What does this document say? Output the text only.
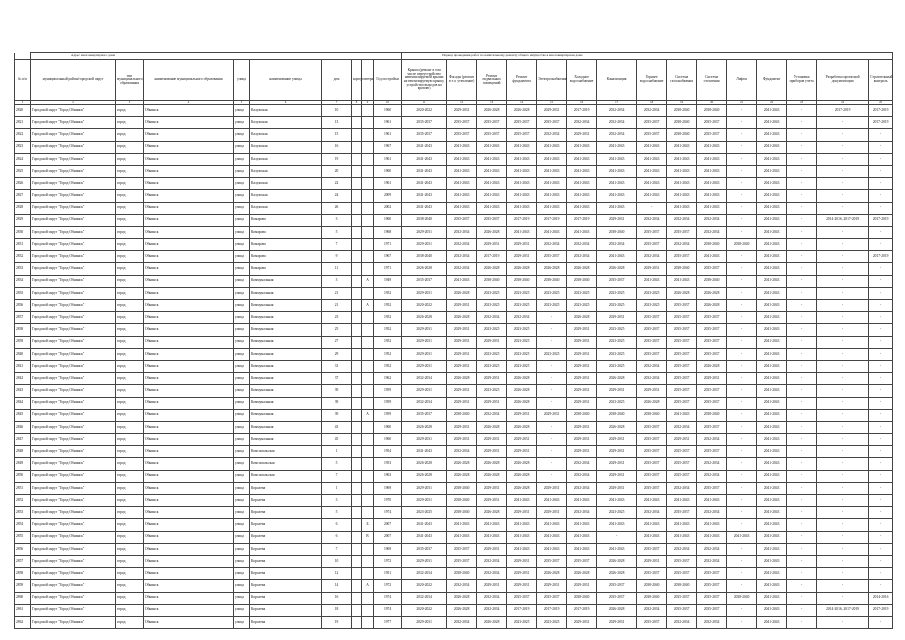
	Адрес многоквартирного дома									Период проведения работ по капитальному ремонту общего имущества в многоквартирном доме														
№ п/п	муниципальный район/городской округ	тип муниципального образования	наименование муниципального образования	улица	наименование улицы	дом	корпус	литера	Год постройки	Крыша (ремонт в том числе переустройство невентилируемой крыши на вентилируемую крышу, устройство выходов на кровлю)	Фасады (ремонт в т.ч. утепление)	Ремонт подвальных помещений	Ремонт фундамента	Электроснабжение	Холодное водоснабжение	Канализация	Горячее водоснабжение	Система газоснабжения	Система отопления	Лифты	Фундамент	Установка приборов учета	Разработка проектной документации	Строительный контроль
1	2	3	4	5	6	7	8	9	10	11	12	13	14	15	16	17	18	19	20	21	22	23	24	25
2820	Городской округ "Город Обнинск"	город	Обнинск	улица	Калужская	10			1960	2020-2022	2029-2031	2026-2028	2026-2028	2029-2031	2017-2019	2032-2034	2032-2034	2038-2040	2038-2040	-	2041-2043	-	2017-2019	2017-2019
2821	Городской округ "Город Обнинск"	город	Обнинск	улица	Калужская	13			1961	2035-2037	2035-2037	2035-2037	2035-2037	2035-2037	2032-2034	2032-2034	2035-2037	2038-2040	2035-2037	-	2041-2043	-	-	2017-2019
2822	Городской округ "Город Обнинск"	город	Обнинск	улица	Калужская	15			1961	2035-2037	2035-2037	2035-2037	2035-2037	2032-2034	2029-2031	2032-2034	2035-2037	2038-2040	2035-2037	-	2041-2043	-	-	-
2823	Городской округ "Город Обнинск"	город	Обнинск	улица	Калужская	16			1967	2041-2043	2041-2043	2041-2043	2041-2043	2041-2043	2041-2043	2041-2043	2041-2043	2041-2043	2041-2043	-	2041-2043	-	-	-
2824	Городской округ "Город Обнинск"	город	Обнинск	улица	Калужская	19			1961	2041-2043	2041-2043	2041-2043	2041-2043	2041-2043	2041-2043	2041-2043	2041-2043	2041-2043	2041-2043	-	2041-2043	-	-	-
2825	Городской округ "Город Обнинск"	город	Обнинск	улица	Калужская	20			1960	2041-2043	2041-2043	2041-2043	2041-2043	2041-2043	2041-2043	2041-2043	2041-2043	2041-2043	2041-2043	-	2041-2043	-	-	-
2826	Городской округ "Город Обнинск"	город	Обнинск	улица	Калужская	22			1961	2041-2043	2041-2043	2041-2043	2041-2043	2041-2043	2041-2043	2041-2043	2041-2043	2041-2043	2041-2043	-	2041-2043	-	-	-
2827	Городской округ "Город Обнинск"	город	Обнинск	улица	Калужская	24			2009	2041-2043	2041-2043	2041-2043	2041-2043	2041-2043	2041-2043	2041-2043	2041-2043	2041-2043	2041-2043	-	2041-2043	-	-	-
2828	Городской округ "Город Обнинск"	город	Обнинск	улица	Калужская	26			2002	2041-2043	2041-2043	2041-2043	2041-2043	2041-2043	2041-2043	2041-2043	-	2041-2043	2041-2043	-	2041-2043	-	-	-
2829	Городской округ "Город Обнинск"	город	Обнинск	улица	Комарова	3			1960	2038-2040	2035-2037	2035-2037	2017-2019	2017-2019	2017-2019	2029-2031	2032-2034	2032-2034	2032-2034	-	2041-2043	-	2014-2016, 2017-2019	2017-2019
2830	Городской округ "Город Обнинск"	город	Обнинск	улица	Комарова	5			1968	2029-2031	2032-2034	2026-2028	2041-2043	2041-2043	2041-2043	2038-2040	2035-2037	2035-2037	2032-2034	-	2041-2043	-	-	-
2831	Городской округ "Город Обнинск"	город	Обнинск	улица	Комарова	7			1971	2029-2031	2032-2034	2029-2031	2029-2031	2032-2034	2032-2034	2032-2034	2035-2037	2032-2034	2038-2040	2038-2040	2041-2043	-	-	-
2832	Городской округ "Город Обнинск"	город	Обнинск	улица	Комарова	9			1967	2038-2040	2032-2034	2017-2019	2029-2031	2035-2037	2032-2034	2041-2043	2032-2034	2035-2037	2041-2043	-	2041-2043	-	-	2017-2019
2833	Городской округ "Город Обнинск"	город	Обнинск	улица	Комарова	11			1971	2026-2028	2032-2034	2026-2028	2026-2028	2026-2028	2026-2028	2026-2028	2029-2031	2038-2040	2035-2037	-	2041-2043	-	-	-
2834	Городской округ "Город Обнинск"	город	Обнинск	улица	Коммунальная	3		А	1949	2035-2037	2041-2043	2038-2040	2038-2040	2038-2040	2038-2040	2035-2037	2041-2043	2041-2043	2038-2040	-	2041-2043	-	-	-
2835	Городской округ "Город Обнинск"	город	Обнинск	улица	Коммунальная	21			1952	2029-2031	2026-2028	2023-2025	2023-2025	2023-2025	2023-2025	2023-2025	2023-2025	2026-2028	2026-2028	-	2041-2043	-	-	-
2836	Городской округ "Город Обнинск"	город	Обнинск	улица	Коммунальная	21		А	1952	2020-2022	2029-2031	2023-2025	2023-2025	2023-2025	2023-2025	2023-2025	2023-2025	2035-2037	2026-2028	-	2041-2043	-	-	-
2837	Городской округ "Город Обнинск"	город	Обнинск	улица	Коммунальная	23			1952	2026-2028	2026-2028	2032-2034	2032-2034	-	2026-2028	2029-2031	2035-2037	2035-2037	2035-2037	-	2041-2043	-	-	-
2838	Городской округ "Город Обнинск"	город	Обнинск	улица	Коммунальная	25			1952	2029-2031	2029-2031	2023-2025	2023-2025	-	2029-2031	2023-2025	2035-2037	2035-2037	2035-2037	-	2041-2043	-	-	-
2839	Городской округ "Город Обнинск"	город	Обнинск	улица	Коммунальная	27			1952	2029-2031	2029-2031	2029-2031	2023-2025	-	2029-2031	2023-2025	2035-2037	2035-2037	2035-2037	-	2041-2043	-	-	-
2840	Городской округ "Город Обнинск"	город	Обнинск	улица	Коммунальная	29			1952	2029-2031	2029-2031	2023-2025	2023-2025	2023-2025	2029-2031	2023-2025	2035-2037	2035-2037	2035-2037	-	2041-2043	-	-	-
2841	Городской округ "Город Обнинск"	город	Обнинск	улица	Коммунальная	31			1952	2029-2031	2029-2031	2023-2025	2023-2025	-	2029-2031	2023-2025	2032-2034	2035-2037	2026-2028	-	2041-2043	-	-	-
2842	Городской округ "Город Обнинск"	город	Обнинск	улица	Коммунальная	37			1962	2032-2034	2026-2028	2029-2031	2026-2028	-	2029-2031	2026-2028	2032-2034	2035-2037	2029-2031	-	2041-2043	-	-	-
2843	Городской округ "Город Обнинск"	город	Обнинск	улица	Коммунальная	39			1959	2029-2031	2029-2031	2023-2025	2026-2028	-	2029-2031	2029-2031	2029-2031	2035-2037	2035-2037	-	2041-2043	-	-	-
2844	Городской округ "Город Обнинск"	город	Обнинск	улица	Коммунальная	39			1959	2032-2034	2029-2031	2029-2031	2026-2028	-	2029-2031	2023-2025	2026-2028	2035-2037	2035-2037	-	2041-2043	-	-	-
2845	Городской округ "Город Обнинск"	город	Обнинск	улица	Коммунальная	39		А	1959	2035-2037	2038-2040	2032-2034	2029-2031	2029-2031	2038-2040	2038-2040	2038-2040	2041-2043	2038-2040	-	2041-2043	-	-	-
2846	Городской округ "Город Обнинск"	город	Обнинск	улица	Коммунальная	43			1960	2026-2028	2029-2031	2026-2028	2026-2028	-	2029-2031	2026-2028	2035-2037	2032-2034	2035-2037	-	2041-2043	-	-	-
2847	Городской округ "Город Обнинск"	город	Обнинск	улица	Коммунальная	45			1960	2029-2031	2029-2031	2029-2031	2029-2031	-	2029-2031	2029-2031	2035-2037	2029-2031	2032-2034	-	2041-2043	-	-	-
2848	Городской округ "Город Обнинск"	город	Обнинск	улица	Комсомольская	1			1954	2041-2043	2032-2034	2029-2031	2029-2031	-	2029-2031	2029-2031	2035-2037	2035-2037	2035-2037	-	2041-2043	-	-	-
2849	Городской округ "Город Обнинск"	город	Обнинск	улица	Комсомольская	5			1953	2026-2028	2026-2028	2026-2028	2026-2028	-	2032-2034	2029-2031	2035-2037	2035-2037	2032-2034	-	2041-2043	-	-	-
2850	Городской округ "Город Обнинск"	город	Обнинск	улица	Комсомольская	7			1963	2026-2028	2026-2028	2026-2028	2026-2028	-	2032-2034	2029-2031	2035-2037	2035-2037	2032-2034	-	2041-2043	-	-	-
2851	Городской округ "Город Обнинск"	город	Обнинск	улица	Королева	1			1969	2029-2031	2038-2040	2029-2031	2026-2028	2029-2031	2032-2034	2029-2031	2035-2037	2032-2034	2035-2037	-	2041-2043	-	-	-
2852	Городской округ "Город Обнинск"	город	Обнинск	улица	Королева	3			1970	2029-2031	2038-2040	2029-2031	2041-2043	2041-2043	2041-2043	2041-2043	2041-2043	2041-2043	2041-2043	-	2041-2043	-	-	-
2853	Городской округ "Город Обнинск"	город	Обнинск	улица	Королева	5			1974	2023-2025	2038-2040	2026-2028	2029-2031	2029-2031	2032-2034	2023-2025	2032-2034	2035-2037	2032-2034	-	2041-2043	-	-	-
2854	Городской округ "Город Обнинск"	город	Обнинск	улица	Королева	6		Б	2007	2041-2043	2041-2043	2041-2043	2041-2043	2041-2043	2041-2043	2041-2043	2041-2043	2041-2043	2041-2043	-	2041-2043	-	-	-
2855	Городской округ "Город Обнинск"	город	Обнинск	улица	Королева	6		В	2007	2041-2043	2041-2043	2041-2043	2041-2043	2041-2043	2041-2043	-	2041-2043	2041-2043	2041-2043	2041-2043	2041-2043	-	-	-
2856	Городской округ "Город Обнинск"	город	Обнинск	улица	Королева	7			1969	2035-2037	2035-2037	2029-2031	2041-2043	2041-2043	2041-2043	2041-2043	2035-2037	2032-2034	2032-2034	-	2041-2043	-	-	-
2857	Городской округ "Город Обнинск"	город	Обнинск	улица	Королева	10			1972	2029-2031	2035-2037	2032-2034	2029-2031	2035-2037	2035-2037	2026-2028	2029-2031	2035-2037	2032-2034	-	2041-2043	-	-	-
2858	Городской округ "Город Обнинск"	город	Обнинск	улица	Королева	12			1951	2032-2034	2038-2040	2032-2034	2029-2031	2026-2028	2026-2028	2026-2028	2035-2037	2035-2037	2035-2037	-	2041-2043	-	-	-
2859	Городской округ "Город Обнинск"	город	Обнинск	улица	Королева	14		А	1972	2020-2022	2032-2034	2029-2031	2029-2031	2029-2031	2029-2031	2035-2037	2038-2040	2038-2040	2035-2037	-	2041-2043	-	-	-
2860	Городской округ "Город Обнинск"	город	Обнинск	улица	Королева	16			1974	2032-2034	2026-2028	2032-2034	2035-2037	2035-2037	2038-2040	2035-2037	2038-2040	2035-2037	2035-2037	2038-2040	2041-2043	-	-	2014-2016
2861	Городской округ "Город Обнинск"	город	Обнинск	улица	Королева	18			1974	2020-2022	2026-2028	2032-2034	2017-2019	2017-2019	2017-2019	2026-2028	2032-2034	2035-2037	2035-2037	-	2041-2043	-	2014-2016, 2017-2019	2017-2019
2862	Городской округ "Город Обнинск"	город	Обнинск	улица	Королева	19			1977	2029-2031	2032-2034	2026-2028	2023-2025	2023-2025	2029-2031	2029-2031	2035-2037	2032-2034	2032-2034	-	2041-2043	-	-	-
